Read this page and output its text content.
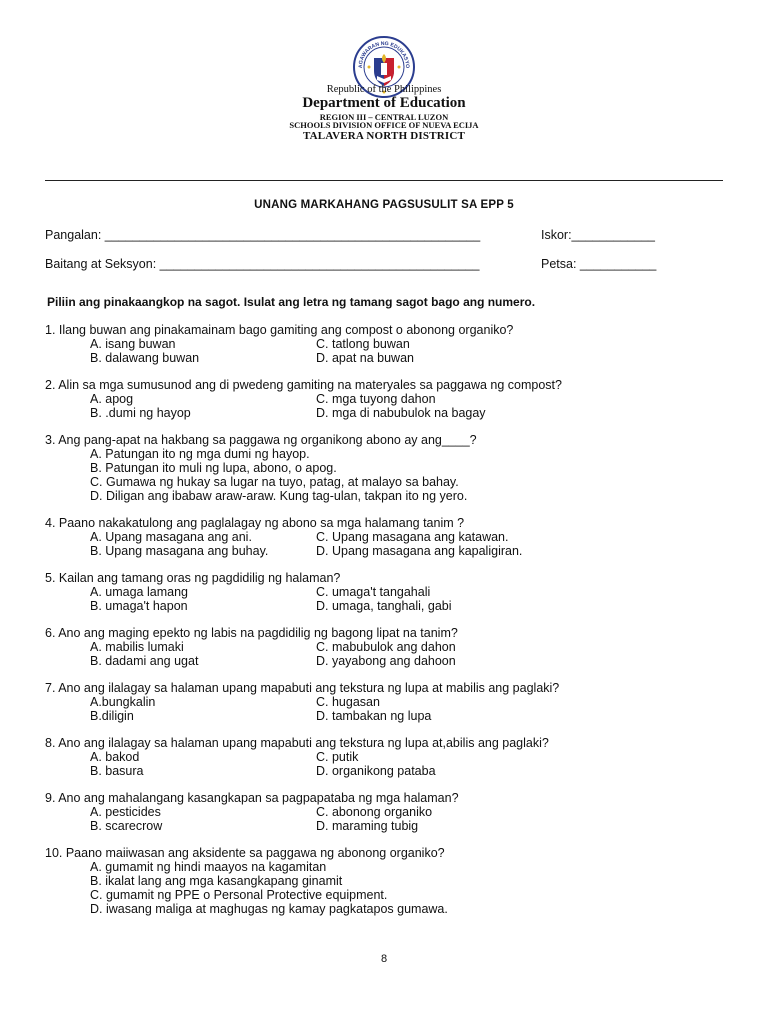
AGAWARAN NG EDUKASYO
Republic of the Philippines
Department of Education
REGION III – CENTRAL LUZON
SCHOOLS DIVISION OFFICE OF NUEVA ECIJA
TALAVERA NORTH DISTRICT
UNANG MARKAHANG PAGSUSULIT SA EPP 5
Pangalan: ______________________________________________________	Iskor:____________
Baitang at Seksyon: ______________________________________________	Petsa: ___________
Piliin ang pinakaangkop na sagot. Isulat ang letra ng tamang sagot bago ang numero.
1. Ilang buwan ang pinakamainam bago gamiting ang compost o abonong organiko?
A. isang buwan	C. tatlong buwan
B. dalawang buwan	D. apat na buwan
2. Alin sa mga sumusunod ang di pwedeng gamiting na materyales sa paggawa ng compost?
A. apog	C. mga tuyong dahon
B. .dumi ng hayop	D. mga di nabubulok na bagay
3. Ang pang-apat na hakbang sa paggawa ng organikong abono ay ang____?
A. Patungan ito ng mga dumi ng hayop.
B. Patungan ito muli ng lupa, abono, o apog.
C. Gumawa ng hukay sa lugar na tuyo, patag, at malayo sa bahay.
D. Diligan ang ibabaw araw-araw. Kung tag-ulan, takpan ito ng yero.
4. Paano nakakatulong ang paglalagay ng abono sa mga halamang tanim ?
A. Upang masagana ang ani.	C. Upang masagana ang katawan.
B. Upang masagana ang buhay.	D. Upang masagana ang kapaligiran.
5. Kailan ang tamang oras ng pagdidilig ng halaman?
A. umaga lamang	C. umaga't tangahali
B. umaga't hapon	D. umaga, tanghali, gabi
6. Ano ang maging epekto ng labis na pagdidilig ng bagong lipat na tanim?
A. mabilis lumaki	C. mabubulok ang dahon
B. dadami ang ugat	D. yayabong ang dahoon
7. Ano ang ilalagay sa halaman upang mapabuti ang tekstura ng lupa at mabilis ang paglaki?
A.bungkalin	C. hugasan
B.diligin	D. tambakan ng lupa
8. Ano ang ilalagay sa halaman upang mapabuti ang tekstura ng lupa at,abilis ang paglaki?
A. bakod	C. putik
B. basura	D. organikong pataba
9. Ano ang mahalangang kasangkapan sa pagpapataba ng mga halaman?
A. pesticides	C. abonong organiko
B. scarecrow	D. maraming tubig
10. Paano maiiwasan ang aksidente sa paggawa ng abonong organiko?
A. gumamit ng hindi maayos na kagamitan
B. ikalat lang ang mga kasangkapang ginamit
C. gumamit ng PPE o Personal Protective equipment.
D. iwasang maliga at maghugas ng kamay pagkatapos gumawa.
8
